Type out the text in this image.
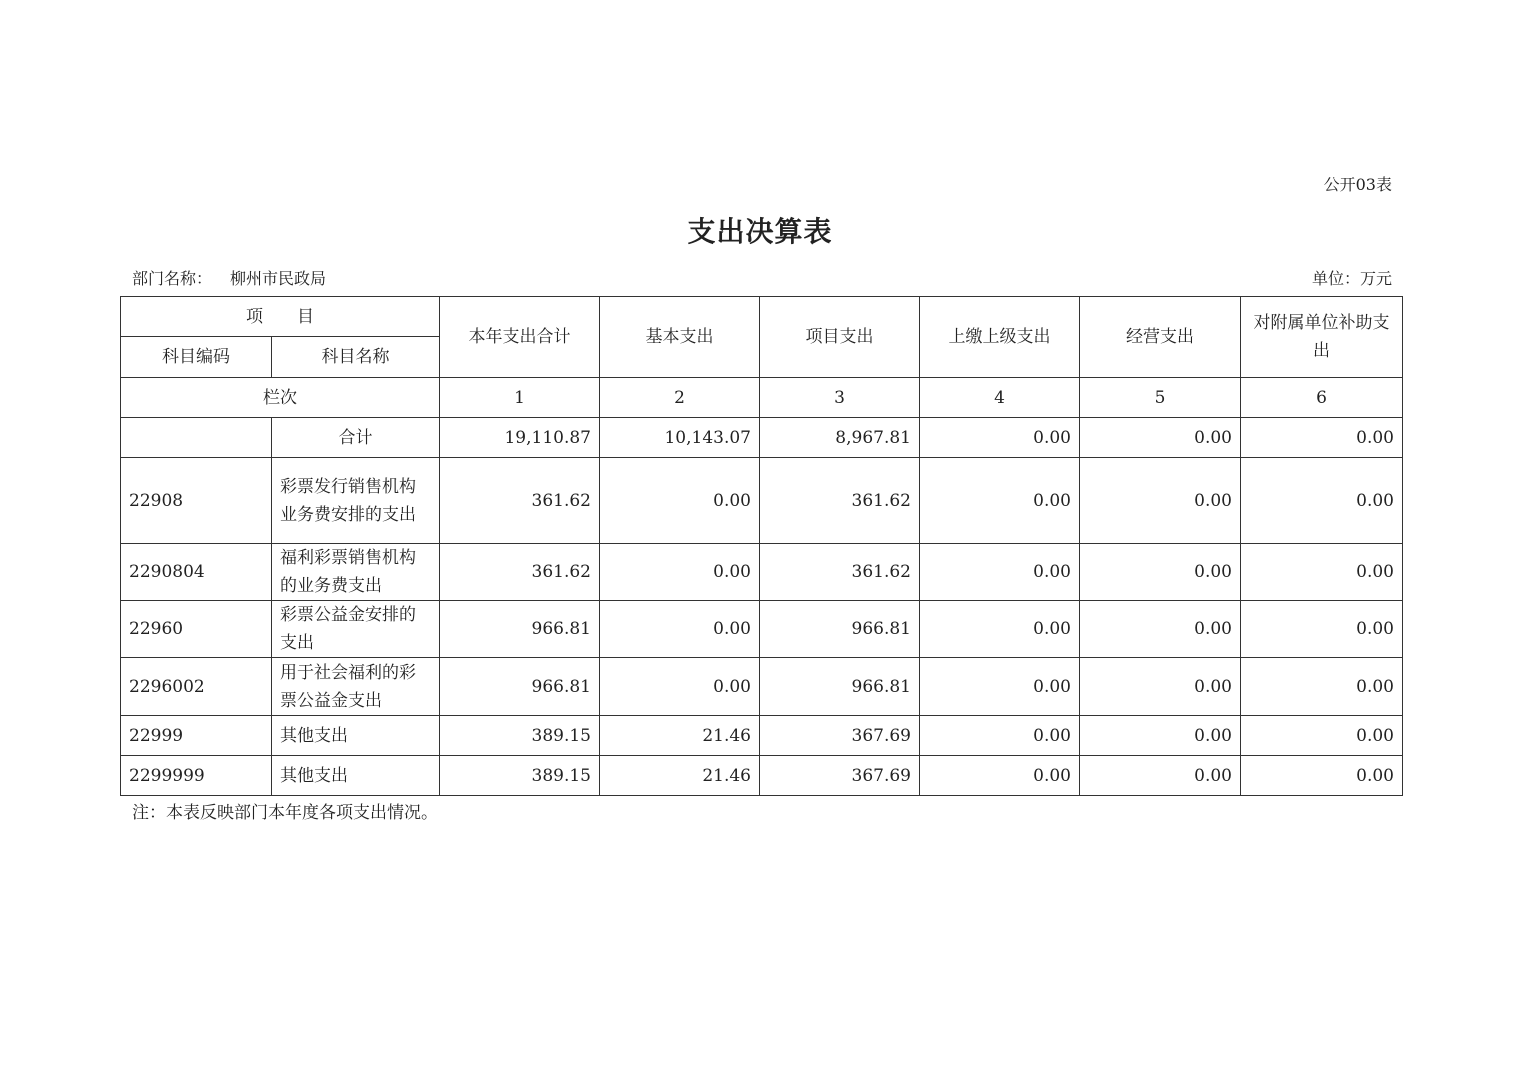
公开03表
支出决算表
部门名称： 柳州市民政局	单位：万元
项　　目		本年支出合计	基本支出	项目支出	上缴上级支出	经营支出	对附属单位补助支出
科目编码	科目名称						
栏次		1	2	3	4	5	6
	合计	19,110.87	10,143.07	8,967.81	0.00	0.00	0.00
22908	彩票发行销售机构业务费安排的支出	361.62	0.00	361.62	0.00	0.00	0.00
2290804	福利彩票销售机构的业务费支出	361.62	0.00	361.62	0.00	0.00	0.00
22960	彩票公益金安排的支出	966.81	0.00	966.81	0.00	0.00	0.00
2296002	用于社会福利的彩票公益金支出	966.81	0.00	966.81	0.00	0.00	0.00
22999	其他支出	389.15	21.46	367.69	0.00	0.00	0.00
2299999	其他支出	389.15	21.46	367.69	0.00	0.00	0.00
注：本表反映部门本年度各项支出情况。
